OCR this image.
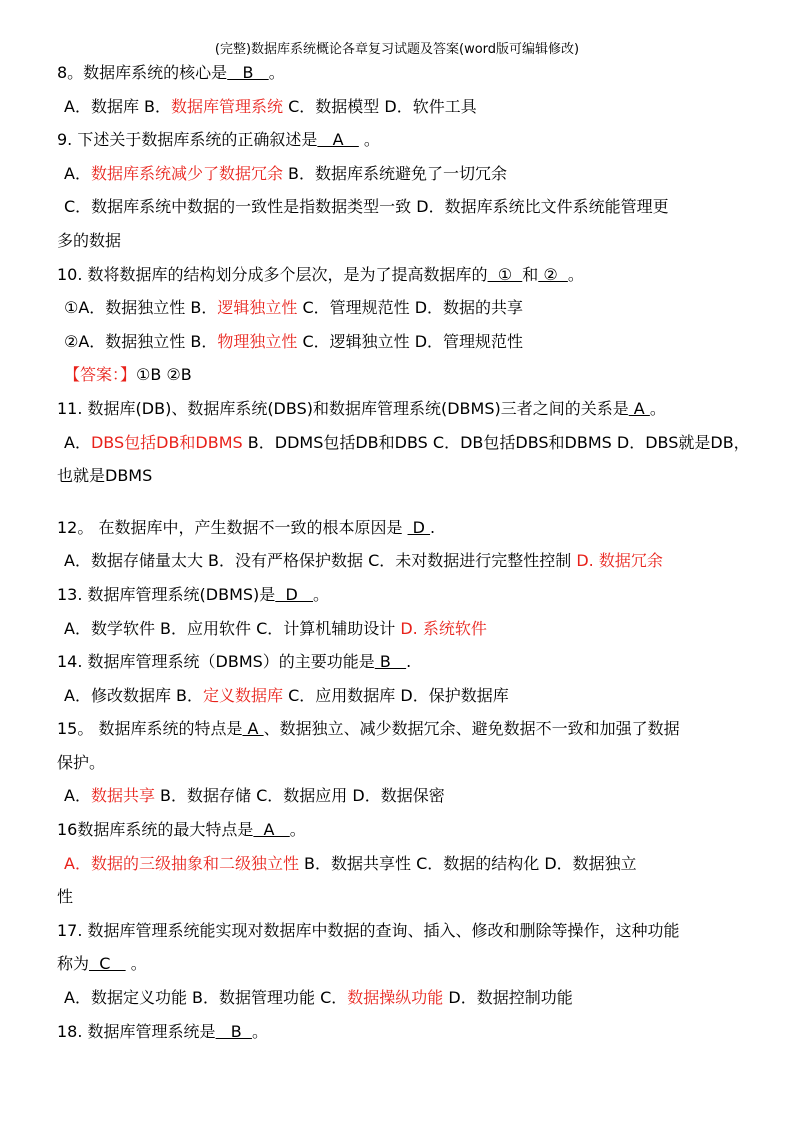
(完整)数据库系统概论各章复习试题及答案(word版可编辑修改)
8。数据库系统的核心是   B   。
A．数据库 B．数据库管理系统 C．数据模型 D．软件工具
9. 下述关于数据库系统的正确叙述是   A    。
A．数据库系统减少了数据冗余 B．数据库系统避免了一切冗余
C．数据库系统中数据的一致性是指数据类型一致 D．数据库系统比文件系统能管理更
多的数据
10. 数将数据库的结构划分成多个层次，是为了提高数据库的  ①  和 ②  。
①A．数据独立性 B．逻辑独立性 C．管理规范性 D．数据的共享
②A．数据独立性 B．物理独立性 C．逻辑独立性 D．管理规范性
【答案：】①B ②B
11. 数据库(DB)、数据库系统(DBS)和数据库管理系统(DBMS)三者之间的关系是 A 。
A．DBS包括DB和DBMS B．DDMS包括DB和DBS C．DB包括DBS和DBMS D．DBS就是DB，
也就是DBMS
12。 在数据库中，产生数据不一致的根本原因是  D .
A．数据存储量太大 B．没有严格保护数据 C．未对数据进行完整性控制 D. 数据冗余
13. 数据库管理系统(DBMS)是  D   。
A．数学软件 B．应用软件 C．计算机辅助设计 D. 系统软件
14. 数据库管理系统（DBMS）的主要功能是 B   .
A．修改数据库 B．定义数据库 C．应用数据库 D．保护数据库
15。 数据库系统的特点是 A 、数据独立、减少数据冗余、避免数据不一致和加强了数据
保护。
A．数据共享 B．数据存储 C．数据应用 D．数据保密
16数据库系统的最大特点是  A   。
A．数据的三级抽象和二级独立性 B．数据共享性 C．数据的结构化 D．数据独立
性
17. 数据库管理系统能实现对数据库中数据的查询、插入、修改和删除等操作，这种功能
称为  C    。
A．数据定义功能 B．数据管理功能 C．数据操纵功能 D．数据控制功能
18. 数据库管理系统是   B  。
